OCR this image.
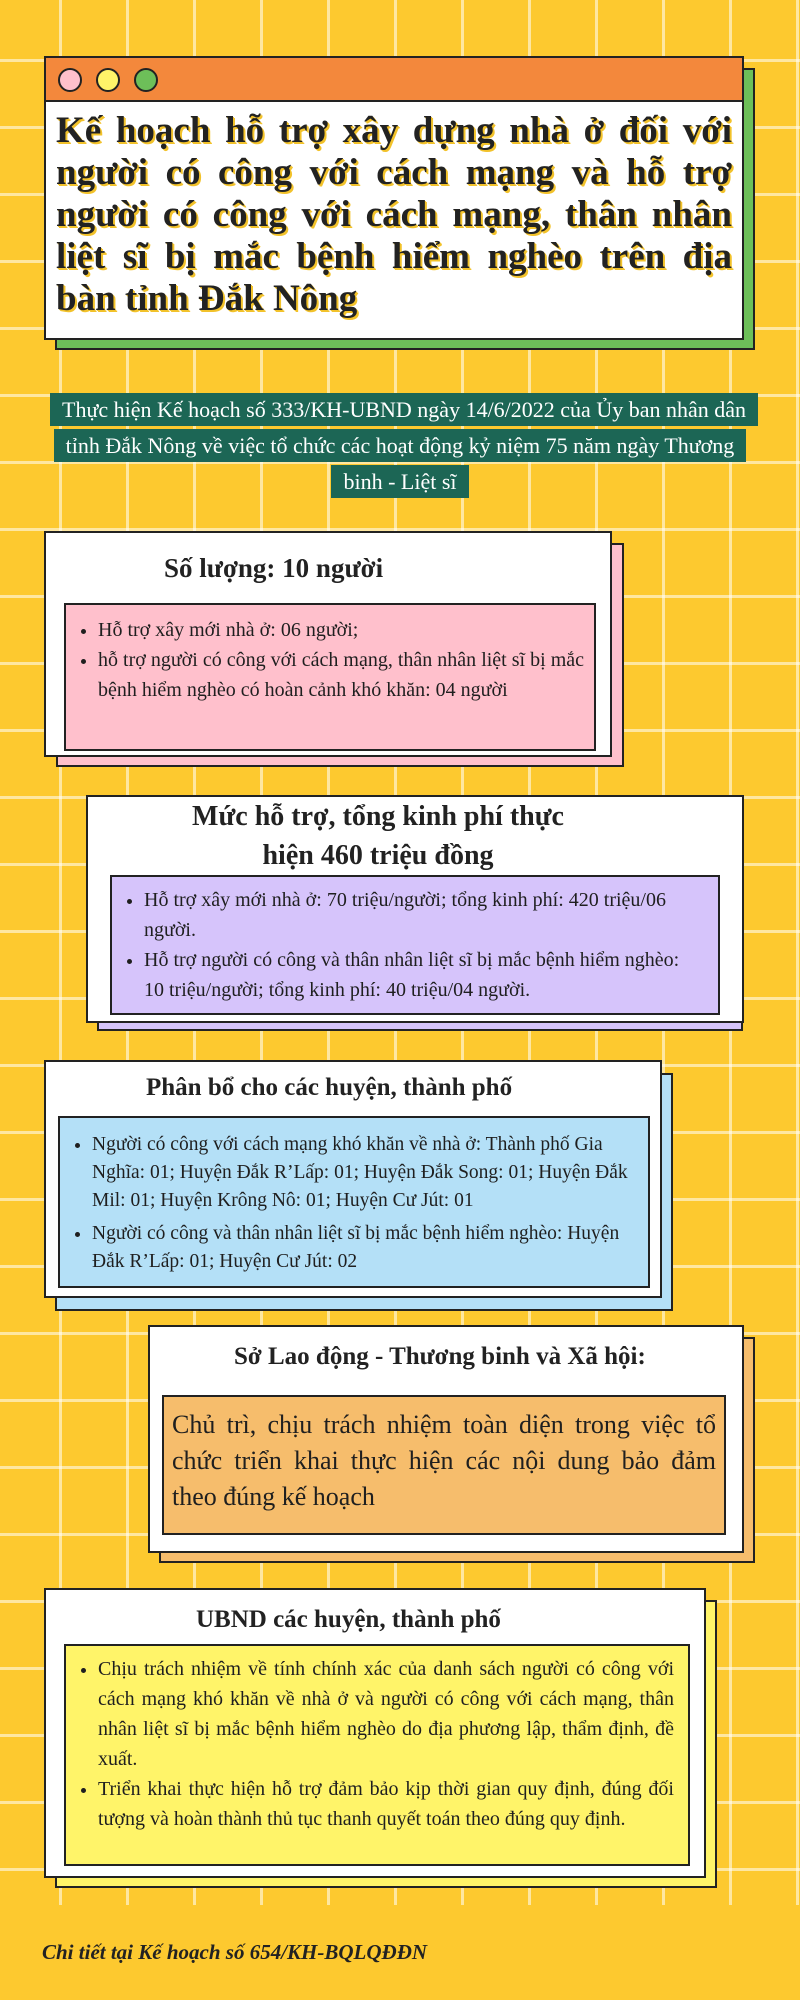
Kế hoạch hỗ trợ xây dựng nhà ở đối với người có công với cách mạng và hỗ trợ người có công với cách mạng, thân nhân liệt sĩ bị mắc bệnh hiểm nghèo trên địa bàn tỉnh Đắk Nông
Thực hiện Kế hoạch số 333/KH-UBND ngày 14/6/2022 của Ủy ban nhân dân tỉnh Đắk Nông về việc tổ chức các hoạt động kỷ niệm 75 năm ngày Thương binh - Liệt sĩ
Số lượng: 10 người
• Hỗ trợ xây mới nhà ở: 06 người;
• hỗ trợ người có công với cách mạng, thân nhân liệt sĩ bị mắc bệnh hiểm nghèo có hoàn cảnh khó khăn: 04 người
Mức hỗ trợ, tổng kinh phí thực hiện 460 triệu đồng
• Hỗ trợ xây mới nhà ở: 70 triệu/người; tổng kinh phí: 420 triệu/06 người.
• Hỗ trợ người có công và thân nhân liệt sĩ bị mắc bệnh hiểm nghèo: 10 triệu/người; tổng kinh phí: 40 triệu/04 người.
Phân bổ cho các huyện, thành phố
• Người có công với cách mạng khó khăn về nhà ở: Thành phố Gia Nghĩa: 01; Huyện Đắk R’Lấp: 01; Huyện Đắk Song: 01; Huyện Đắk Mil: 01; Huyện Krông Nô: 01; Huyện Cư Jút: 01
• Người có công và thân nhân liệt sĩ bị mắc bệnh hiểm nghèo: Huyện Đắk R’Lấp: 01; Huyện Cư Jút: 02
Sở Lao động - Thương binh và Xã hội:
Chủ trì, chịu trách nhiệm toàn diện trong việc tổ chức triển khai thực hiện các nội dung bảo đảm theo đúng kế hoạch
UBND các huyện, thành phố
• Chịu trách nhiệm về tính chính xác của danh sách người có công với cách mạng khó khăn về nhà ở và người có công với cách mạng, thân nhân liệt sĩ bị mắc bệnh hiểm nghèo do địa phương lập, thẩm định, đề xuất.
• Triển khai thực hiện hỗ trợ đảm bảo kịp thời gian quy định, đúng đối tượng và hoàn thành thủ tục thanh quyết toán theo đúng quy định.
Chi tiết tại Kế hoạch số 654/KH-BQLQĐĐN
